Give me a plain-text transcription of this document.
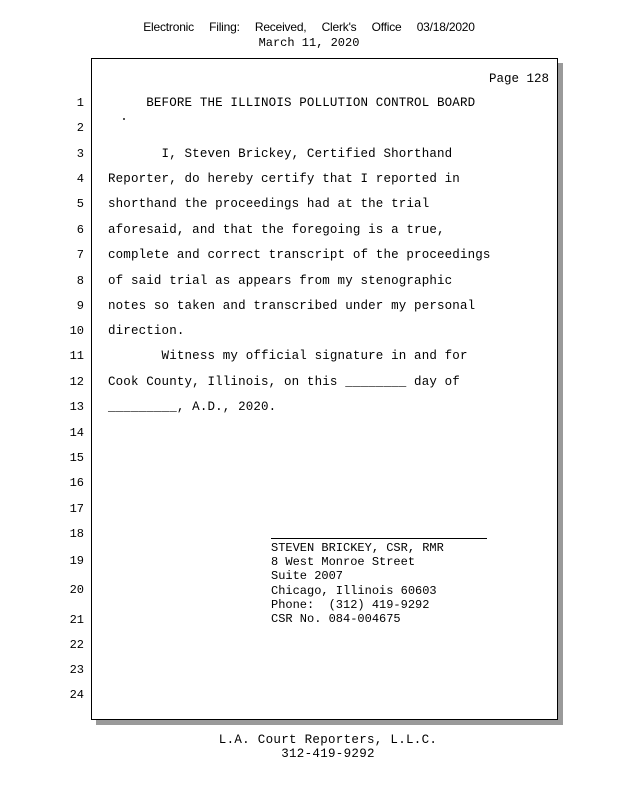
Electronic Filing: Received, Clerk's Office 03/18/2020
March 11, 2020
Page 128
1
2
3
4
5
6
7
8
9
10
11
12
13
14
15
16
17
18
19
20
21
22
23
24
BEFORE THE ILLINOIS POLLUTION CONTROL BOARD
I, Steven Brickey, Certified Shorthand
Reporter, do hereby certify that I reported in
shorthand the proceedings had at the trial
aforesaid, and that the foregoing is a true,
complete and correct transcript of the proceedings
of said trial as appears from my stenographic
notes so taken and transcribed under my personal
direction.
Witness my official signature in and for
Cook County, Illinois, on this ________ day of
_________, A.D., 2020.
STEVEN BRICKEY, CSR, RMR
8 West Monroe Street
Suite 2007
Chicago, Illinois 60603
Phone:  (312) 419-9292
CSR No. 084-004675
L.A. Court Reporters, L.L.C.
312-419-9292
